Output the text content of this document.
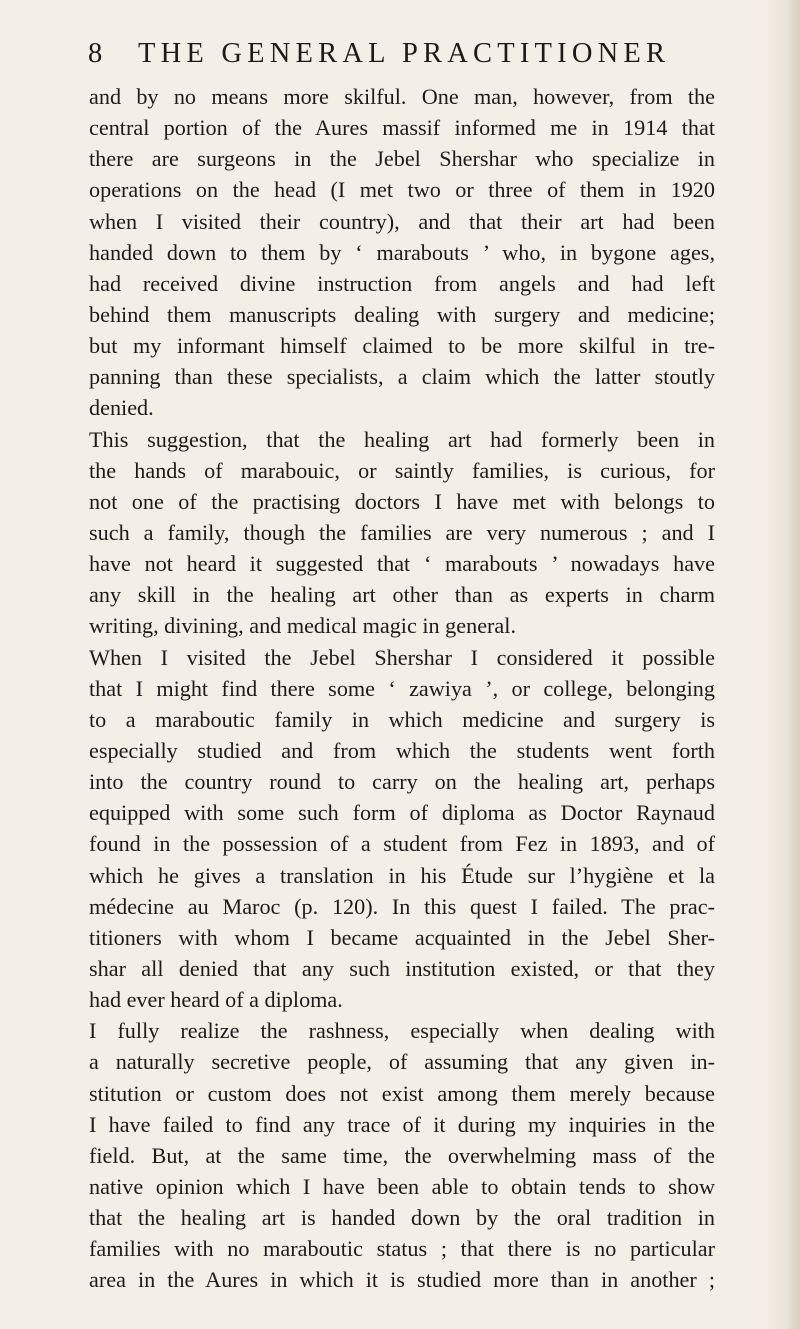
8	THE GENERAL PRACTITIONER
and by no means more skilful. One man, however, from the
central portion of the Aures massif informed me in 1914 that
there are surgeons in the Jebel Shershar who specialize in
operations on the head (I met two or three of them in 1920
when I visited their country), and that their art had been
handed down to them by ‘ marabouts ’ who, in bygone ages,
had received divine instruction from angels and had left
behind them manuscripts dealing with surgery and medicine;
but my informant himself claimed to be more skilful in tre-
panning than these specialists, a claim which the latter stoutly
denied.
This suggestion, that the healing art had formerly been in
the hands of marabouic, or saintly families, is curious, for
not one of the practising doctors I have met with belongs to
such a family, though the families are very numerous ; and I
have not heard it suggested that ‘ marabouts ’ nowadays have
any skill in the healing art other than as experts in charm
writing, divining, and medical magic in general.
When I visited the Jebel Shershar I considered it possible
that I might find there some ‘ zawiya ’, or college, belonging
to a maraboutic family in which medicine and surgery is
especially studied and from which the students went forth
into the country round to carry on the healing art, perhaps
equipped with some such form of diploma as Doctor Raynaud
found in the possession of a student from Fez in 1893, and of
which he gives a translation in his Étude sur l’hygiène et la
médecine au Maroc (p. 120). In this quest I failed. The prac-
titioners with whom I became acquainted in the Jebel Sher-
shar all denied that any such institution existed, or that they
had ever heard of a diploma.
I fully realize the rashness, especially when dealing with
a naturally secretive people, of assuming that any given in-
stitution or custom does not exist among them merely because
I have failed to find any trace of it during my inquiries in the
field. But, at the same time, the overwhelming mass of the
native opinion which I have been able to obtain tends to show
that the healing art is handed down by the oral tradition in
families with no maraboutic status ; that there is no particular
area in the Aures in which it is studied more than in another ;
